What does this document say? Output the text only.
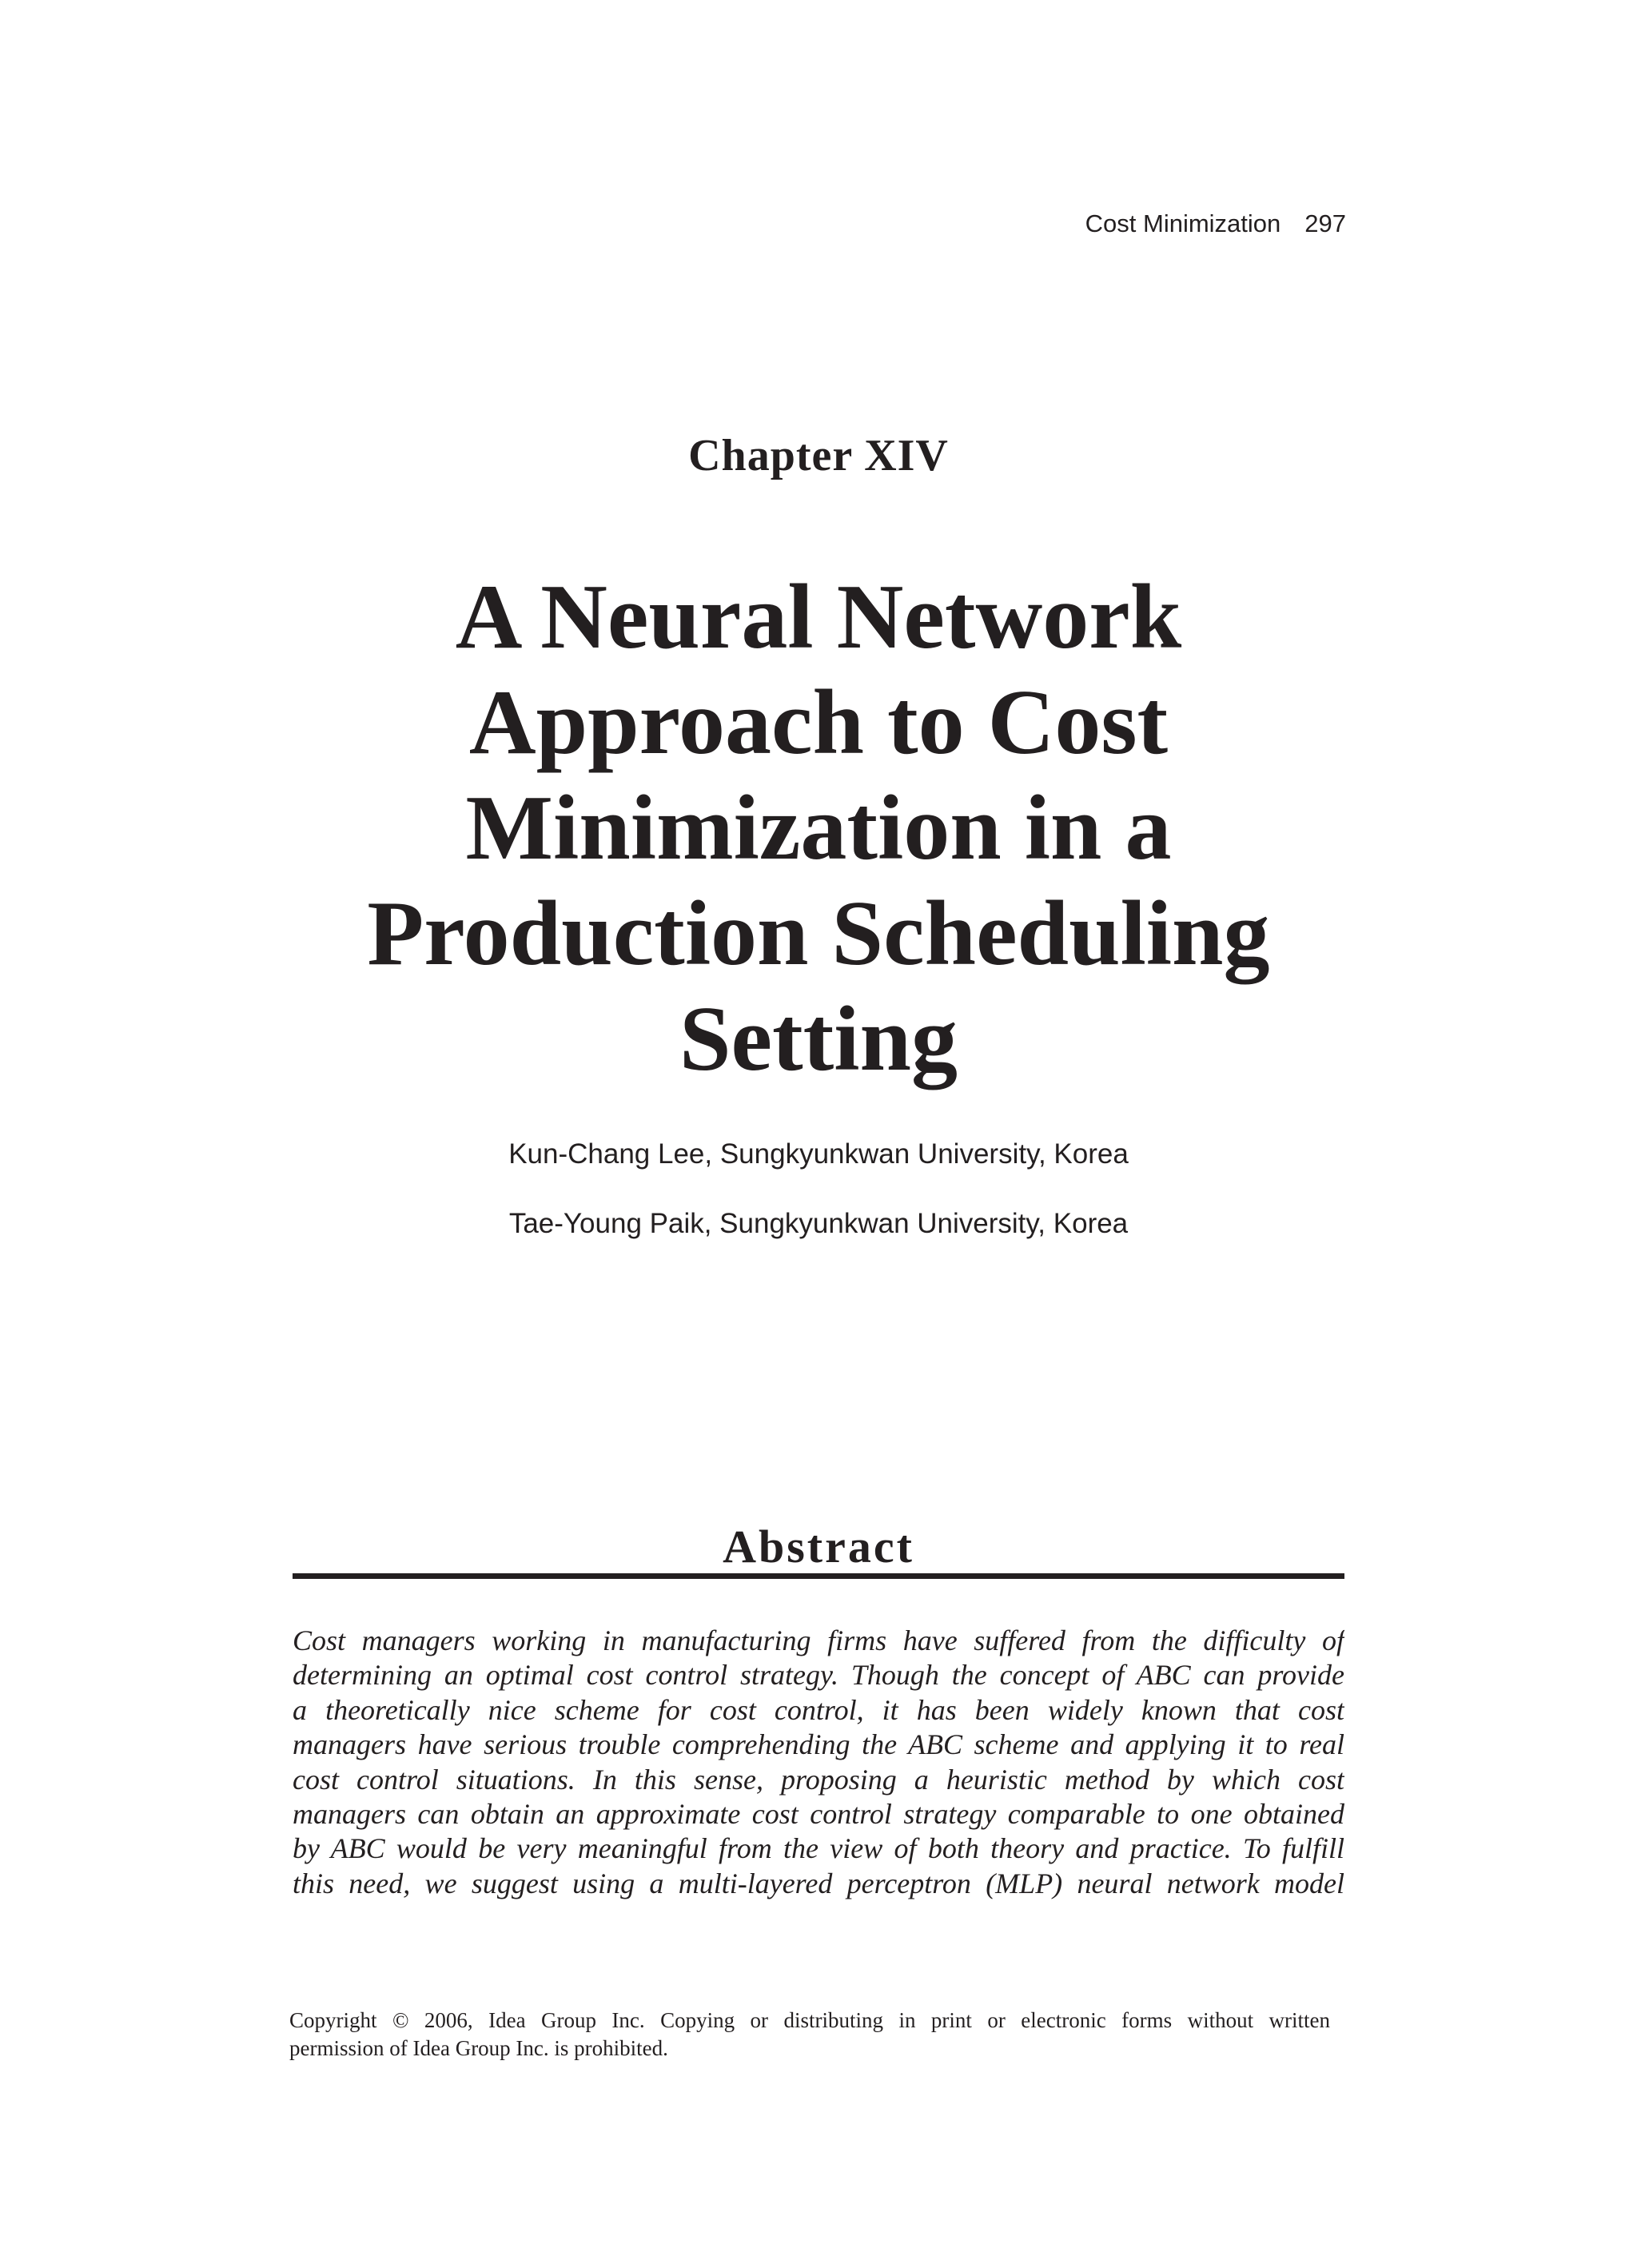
Cost Minimization 297
Chapter XIV
A Neural Network
Approach to Cost
Minimization in a
Production Scheduling
Setting
Kun-Chang Lee, Sungkyunkwan University, Korea
Tae-Young Paik, Sungkyunkwan University, Korea
Abstract
Cost managers working in manufacturing firms have suffered from the difficulty of
determining an optimal cost control strategy. Though the concept of ABC can provide
a theoretically nice scheme for cost control, it has been widely known that cost
managers have serious trouble comprehending the ABC scheme and applying it to real
cost control situations. In this sense, proposing a heuristic method by which cost
managers can obtain an approximate cost control strategy comparable to one obtained
by ABC would be very meaningful from the view of both theory and practice. To fulfill
this need, we suggest using a multi-layered perceptron (MLP) neural network model
Copyright © 2006, Idea Group Inc. Copying or distributing in print or electronic forms without written
permission of Idea Group Inc. is prohibited.
